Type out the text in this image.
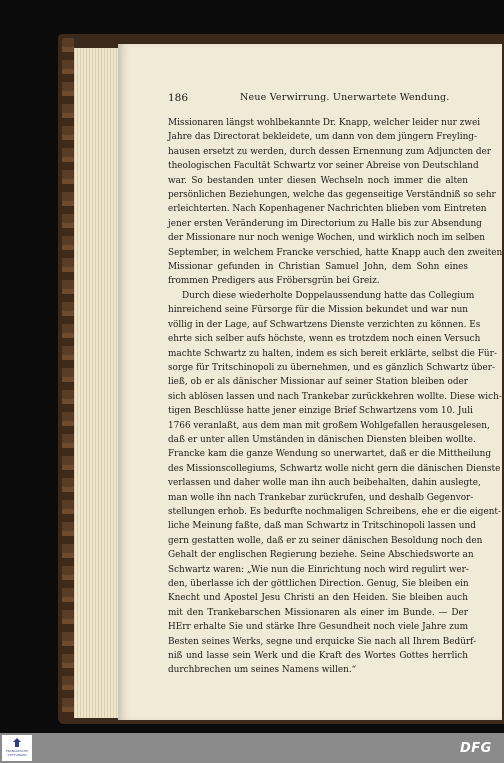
186	Neue Verwirrung. Unerwartete Wendung.
Missionaren längst wohlbekannte Dr. Knapp, welcher leider nur zwei
Jahre das Directorat bekleidete, um dann von dem jüngern Freyling-
hausen ersetzt zu werden, durch dessen Ernennung zum Adjuncten der
theologischen Facultät Schwartz vor seiner Abreise von Deutschland
war. So bestanden unter diesen Wechseln noch immer die alten
persönlichen Beziehungen, welche das gegenseitige Verständniß so sehr
erleichterten. Nach Kopenhagener Nachrichten blieben vom Eintreten
jener ersten Veränderung im Directorium zu Halle bis zur Absendung
der Missionare nur noch wenige Wochen, und wirklich noch im selben
September, in welchem Francke verschied, hatte Knapp auch den zweiten
Missionar gefunden in Christian Samuel John, dem Sohn eines
frommen Predigers aus Fröbersgrün bei Greiz.
Durch diese wiederholte Doppelaussendung hatte das Collegium
hinreichend seine Fürsorge für die Mission bekundet und war nun
völlig in der Lage, auf Schwartzens Dienste verzichten zu können. Es
ehrte sich selber aufs höchste, wenn es trotzdem noch einen Versuch
machte Schwartz zu halten, indem es sich bereit erklärte, selbst die Für-
sorge für Tritschinopoli zu übernehmen, und es gänzlich Schwartz über-
ließ, ob er als dänischer Missionar auf seiner Station bleiben oder
sich ablösen lassen und nach Trankebar zurückkehren wollte. Diese wich-
tigen Beschlüsse hatte jener einzige Brief Schwartzens vom 10. Juli
1766 veranlaßt, aus dem man mit großem Wohlgefallen herausgelesen,
daß er unter allen Umständen in dänischen Diensten bleiben wollte.
Francke kam die ganze Wendung so unerwartet, daß er die Mittheilung
des Missionscollegiums, Schwartz wolle nicht gern die dänischen Dienste
verlassen und daher wolle man ihn auch beibehalten, dahin auslegte,
man wolle ihn nach Trankebar zurückrufen, und deshalb Gegenvor-
stellungen erhob. Es bedurfte nochmaligen Schreibens, ehe er die eigent-
liche Meinung faßte, daß man Schwartz in Tritschinopoli lassen und
gern gestatten wolle, daß er zu seiner dänischen Besoldung noch den
Gehalt der englischen Regierung beziehe. Seine Abschiedsworte an
Schwartz waren: „Wie nun die Einrichtung noch wird regulirt wer-
den, überlasse ich der göttlichen Direction. Genug, Sie bleiben ein
Knecht und Apostel Jesu Christi an den Heiden. Sie bleiben auch
mit den Trankebarschen Missionaren als einer im Bunde. — Der
HErr erhalte Sie und stärke Ihre Gesundheit noch viele Jahre zum
Besten seines Werks, segne und erquicke Sie nach all Ihrem Bedürf-
niß und lasse sein Werk und die Kraft des Wortes Gottes herrlich
durchbrechen um seines Namens willen.“
FRANCKESCHE STIFTUNGEN	DFG
